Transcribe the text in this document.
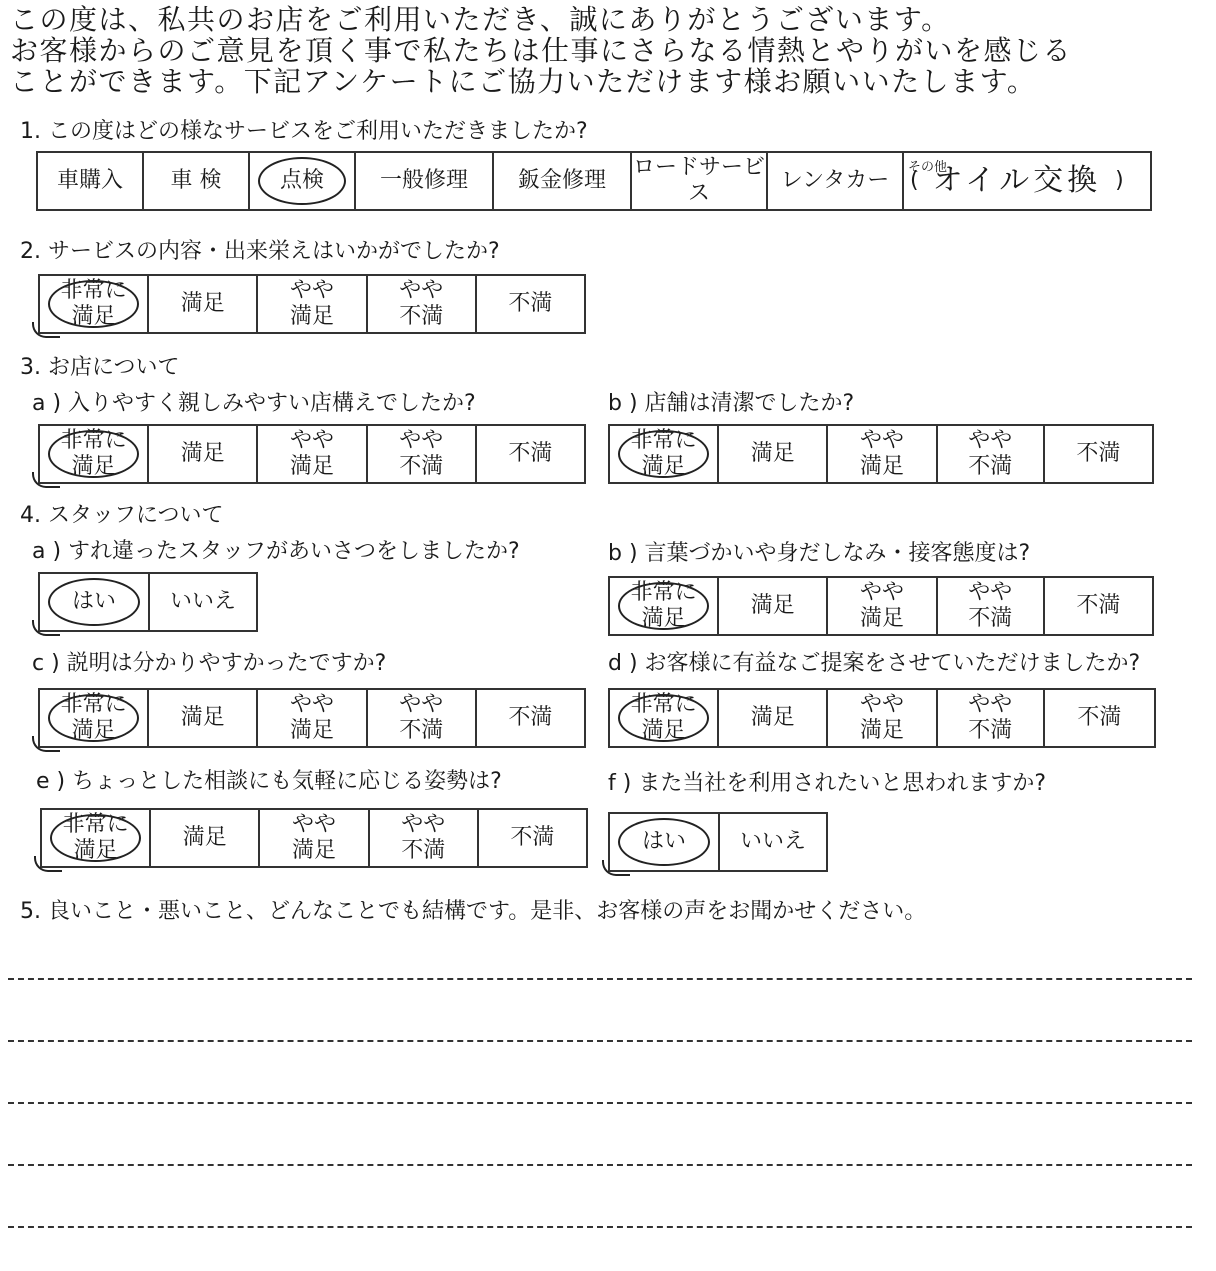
この度は、私共のお店をご利用いただき、誠にありがとうございます。
お客様からのご意見を頂く事で私たちは仕事にさらなる情熱とやりがいを感じる
ことができます。下記アンケートにご協力いただけます様お願いいたします。
1. この度はどの様なサービスをご利用いただきましたか?
車購入 車 検	点検	一般修理 鈑金修理
ロードサービス
レンタカー
その他
( オイル交換 )
2. サービスの内容・出来栄えはいかがでしたか?
非常に
満足
満足
やや
満足
やや
不満
不満
3. お店について
a ) 入りやすく親しみやすい店構えでしたか?
非常に
満足
満足
やや
満足
やや
不満
不満
b ) 店舗は清潔でしたか?
非常に
満足
満足
やや
満足
やや
不満
不満
4. スタッフについて
a ) すれ違ったスタッフがあいさつをしましたか?
はい いいえ
b ) 言葉づかいや身だしなみ・接客態度は?
非常に
満足
満足
やや
満足
やや
不満
不満
c ) 説明は分かりやすかったですか?
非常に
満足
満足
やや
満足
やや
不満
不満
d ) お客様に有益なご提案をさせていただけましたか?
非常に
満足
満足
やや
満足
やや
不満
不満
e ) ちょっとした相談にも気軽に応じる姿勢は?
非常に
満足
満足
やや
満足
やや
不満
不満
f ) また当社を利用されたいと思われますか?
はい いいえ
5. 良いこと・悪いこと、どんなことでも結構です。是非、お客様の声をお聞かせください。
